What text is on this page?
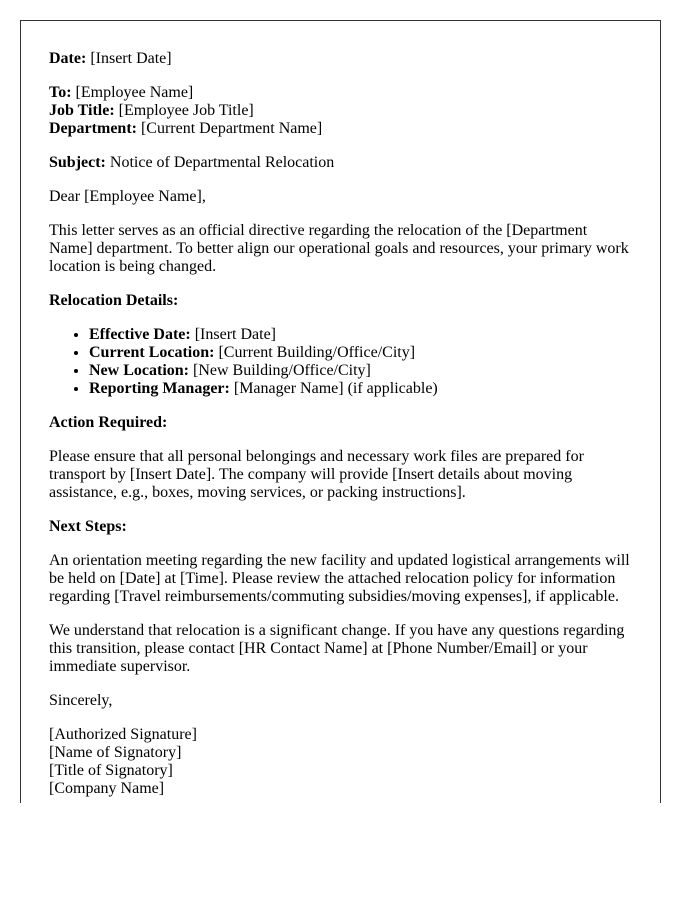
Date: [Insert Date]

To: [Employee Name]
Job Title: [Employee Job Title]
Department: [Current Department Name]

Subject: Notice of Departmental Relocation

Dear [Employee Name],

This letter serves as an official directive regarding the relocation of the [Department Name] department. To better align our operational goals and resources, your primary work location is being changed.

Relocation Details:

• Effective Date: [Insert Date]
• Current Location: [Current Building/Office/City]
• New Location: [New Building/Office/City]
• Reporting Manager: [Manager Name] (if applicable)

Action Required:

Please ensure that all personal belongings and necessary work files are prepared for transport by [Insert Date]. The company will provide [Insert details about moving assistance, e.g., boxes, moving services, or packing instructions].

Next Steps:

An orientation meeting regarding the new facility and updated logistical arrangements will be held on [Date] at [Time]. Please review the attached relocation policy for information regarding [Travel reimbursements/commuting subsidies/moving expenses], if applicable.

We understand that relocation is a significant change. If you have any questions regarding this transition, please contact [HR Contact Name] at [Phone Number/Email] or your immediate supervisor.

Sincerely,

[Authorized Signature]
[Name of Signatory]
[Title of Signatory]
[Company Name]
